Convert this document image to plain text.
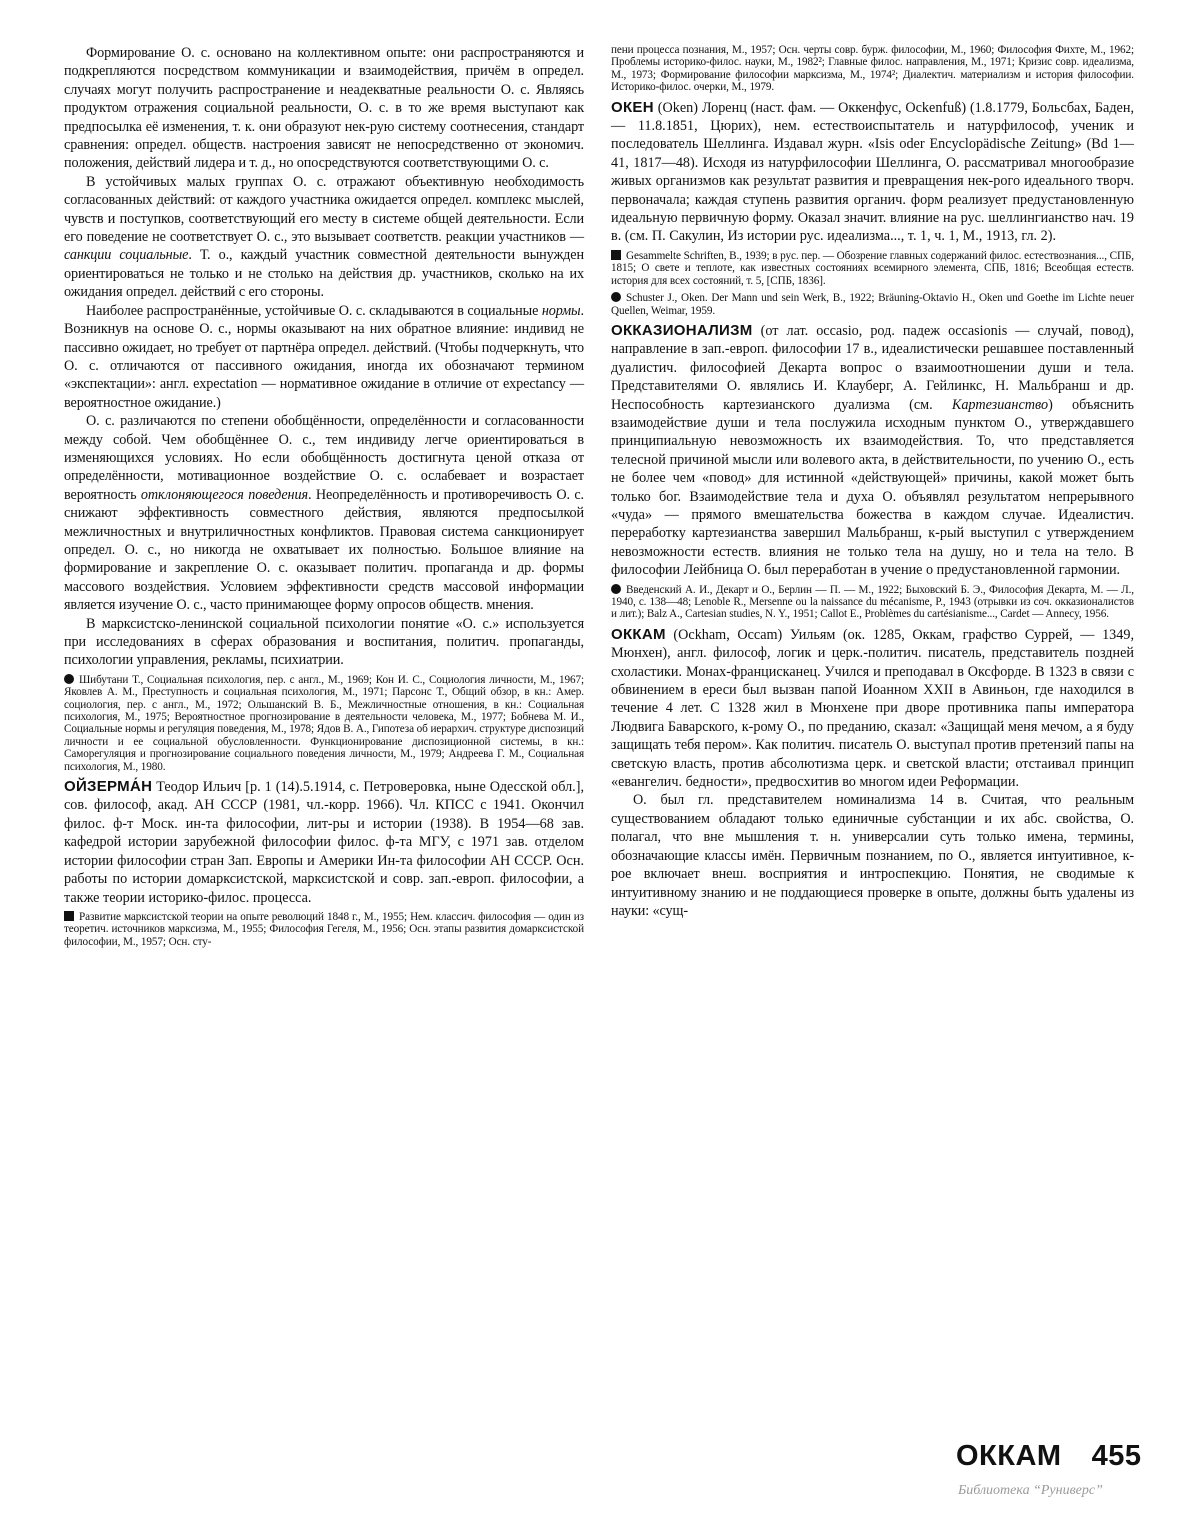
Формирование О. с. основано на коллективном опыте: они распространяются и подкрепляются посредством коммуникации и взаимодействия, причём в определ. случаях могут получить распространение и неадекватные реальности О. с. Являясь продуктом отражения социальной реальности, О. с. в то же время выступают как предпосылка её изменения, т. к. они образуют нек-рую систему соотнесения, стандарт сравнения: определ. обществ. настроения зависят не непосредственно от экономич. положения, действий лидера и т. д., но опосредствуются соответствующими О. с.

В устойчивых малых группах О. с. отражают объективную необходимость согласованных действий: от каждого участника ожидается определ. комплекс мыслей, чувств и поступков, соответствующий его месту в системе общей деятельности. Если его поведение не соответствует О. с., это вызывает соответств. реакции участников — санкции социальные. Т. о., каждый участник совместной деятельности вынужден ориентироваться не только и не столько на действия др. участников, сколько на их ожидания определ. действий с его стороны.

Наиболее распространённые, устойчивые О. с. складываются в социальные нормы. Возникнув на основе О. с., нормы оказывают на них обратное влияние: индивид не пассивно ожидает, но требует от партнёра определ. действий. (Чтобы подчеркнуть, что О. с. отличаются от пассивного ожидания, иногда их обозначают термином «экспектации»: англ. expectation — нормативное ожидание в отличие от expectancy — вероятностное ожидание.)

О. с. различаются по степени обобщённости, определённости и согласованности между собой. Чем обобщённее О. с., тем индивиду легче ориентироваться в изменяющихся условиях. Но если обобщённость достигнута ценой отказа от определённости, мотивационное воздействие О. с. ослабевает и возрастает вероятность отклоняющегося поведения. Неопределённость и противоречивость О. с. снижают эффективность совместного действия, являются предпосылкой межличностных и внутриличностных конфликтов. Правовая система санкционирует определ. О. с., но никогда не охватывает их полностью. Большое влияние на формирование и закрепление О. с. оказывает политич. пропаганда и др. формы массового воздействия. Условием эффективности средств массовой информации является изучение О. с., часто принимающее форму опросов обществ. мнения.

В марксистско-ленинской социальной психологии понятие «О. с.» используется при исследованиях в сферах образования и воспитания, политич. пропаганды, психологии управления, рекламы, психиатрии.

Шибутани Т., Социальная психология, пер. с англ., М., 1969; Кон И. С., Социология личности, М., 1967; Яковлев А. М., Преступность и социальная психология, М., 1971; Парсонс Т., Общий обзор, в кн.: Амер. социология, пер. с англ., М., 1972; Ольшанский В. Б., Межличностные отношения, в кн.: Социальная психология, М., 1975; Вероятностное прогнозирование в деятельности человека, М., 1977; Бобнева М. И., Социальные нормы и регуляция поведения, М., 1978; Ядов В. А., Гипотеза об иерархич. структуре диспозиций личности и ее социальной обусловленности. Функционирование диспозиционной системы, в кн.: Саморегуляция и прогнозирование социального поведения личности, М., 1979; Андреева Г. М., Социальная психология, М., 1980.

ОЙЗЕРМА́Н Теодор Ильич [р. 1 (14).5.1914, с. Петроверовка, ныне Одесской обл.], сов. философ, акад. АН СССР (1981, чл.-корр. 1966). Чл. КПСС с 1941. Окончил филос. ф-т Моск. ин-та философии, лит-ры и истории (1938). В 1954—68 зав. кафедрой истории зарубежной философии филос. ф-та МГУ, с 1971 зав. отделом истории философии стран Зап. Европы и Америки Ин-та философии АН СССР. Осн. работы по истории домарксистской, марксистской и совр. зап.-европ. философии, а также теории историко-филос. процесса.

Развитие марксистской теории на опыте революций 1848 г., М., 1955; Нем. классич. философия — один из теоретич. источников марксизма, М., 1955; Философия Гегеля, М., 1956; Осн. этапы развития домарксистской философии, М., 1957; Осн. сту-

пени процесса познания, М., 1957; Осн. черты совр. бурж. философии, М., 1960; Философия Фихте, М., 1962; Проблемы историко-филос. науки, М., 1982²; Главные филос. направления, М., 1971; Кризис совр. идеализма, М., 1973; Формирование философии марксизма, М., 1974²; Диалектич. материализм и история философии. Историко-филос. очерки, М., 1979.

ОКЕН (Oken) Лоренц (наст. фам. — Оккенфус, Ockenfuß) (1.8.1779, Больсбах, Баден, — 11.8.1851, Цюрих), нем. естествоиспытатель и натурфилософ, ученик и последователь Шеллинга. Издавал журн. «Isis oder Encyclopädische Zeitung» (Bd 1—41, 1817—48). Исходя из натурфилософии Шеллинга, О. рассматривал многообразие живых организмов как результат развития и превращения нек-рого идеального творч. первоначала; каждая ступень развития органич. форм реализует предустановленную идеальную первичную форму. Оказал значит. влияние на рус. шеллингианство нач. 19 в. (см. П. Сакулин, Из истории рус. идеализма..., т. 1, ч. 1, М., 1913, гл. 2).

Gesammelte Schriften, B., 1939; в рус. пер. — Обозрение главных содержаний филос. естествознания..., СПБ, 1815; О свете и теплоте, как известных состояниях всемирного элемента, СПБ, 1816; Всеобщая естеств. история для всех состояний, т. 5, [СПБ, 1836].

Schuster J., Oken. Der Mann und sein Werk, B., 1922; Bräuning-Oktavio H., Oken und Goethe im Lichte neuer Quellen, Weimar, 1959.

ОККАЗИОНАЛИЗМ (от лат. occasio, род. падеж occasionis — случай, повод), направление в зап.-европ. философии 17 в., идеалистически решавшее поставленный дуалистич. философией Декарта вопрос о взаимоотношении души и тела. Представителями О. являлись И. Клауберг, А. Гейлинкс, Н. Мальбранш и др. Неспособность картезианского дуализма (см. Картезианство) объяснить взаимодействие души и тела послужила исходным пунктом О., утверждавшего принципиальную невозможность их взаимодействия. То, что представляется телесной причиной мысли или волевого акта, в действительности, по учению О., есть не более чем «повод» для истинной «действующей» причины, какой может быть только бог. Взаимодействие тела и духа О. объявлял результатом непрерывного «чуда» — прямого вмешательства божества в каждом случае. Идеалистич. переработку картезианства завершил Мальбранш, к-рый выступил с утверждением невозможности естеств. влияния не только тела на душу, но и тела на тело. В философии Лейбница О. был переработан в учение о предустановленной гармонии.

Введенский А. И., Декарт и О., Берлин — П. — М., 1922; Быховский Б. Э., Философия Декарта, М. — Л., 1940, с. 138—48; Lenoble R., Mersenne ou la naissance du mécanisme, P., 1943 (отрывки из соч. окказионалистов и лит.); Balz A., Cartesian studies, N. Y., 1951; Callot E., Problèmes du cartésianisme..., Cardet — Annecy, 1956.

ОККАМ (Ockham, Occam) Уильям (ок. 1285, Оккам, графство Суррей, — 1349, Мюнхен), англ. философ, логик и церк.-политич. писатель, представитель поздней схоластики. Монах-францисканец. Учился и преподавал в Оксфорде. В 1323 в связи с обвинением в ереси был вызван папой Иоанном XXII в Авиньон, где находился в течение 4 лет. С 1328 жил в Мюнхене при дворе противника папы императора Людвига Баварского, к-рому О., по преданию, сказал: «Защищай меня мечом, а я буду защищать тебя пером». Как политич. писатель О. выступал против претензий папы на светскую власть, против абсолютизма церк. и светской власти; отстаивал принцип «евангелич. бедности», предвосхитив во многом идеи Реформации.

О. был гл. представителем номинализма 14 в. Считая, что реальным существованием обладают только единичные субстанции и их абс. свойства, О. полагал, что вне мышления т. н. универсалии суть только имена, термины, обозначающие классы имён. Первичным познанием, по О., является интуитивное, к-рое включает внеш. восприятия и интроспекцию. Понятия, не сводимые к интуитивному знанию и не поддающиеся проверке в опыте, должны быть удалены из науки: «сущ-

ОККАМ 455
Библиотека “Руниверс”
